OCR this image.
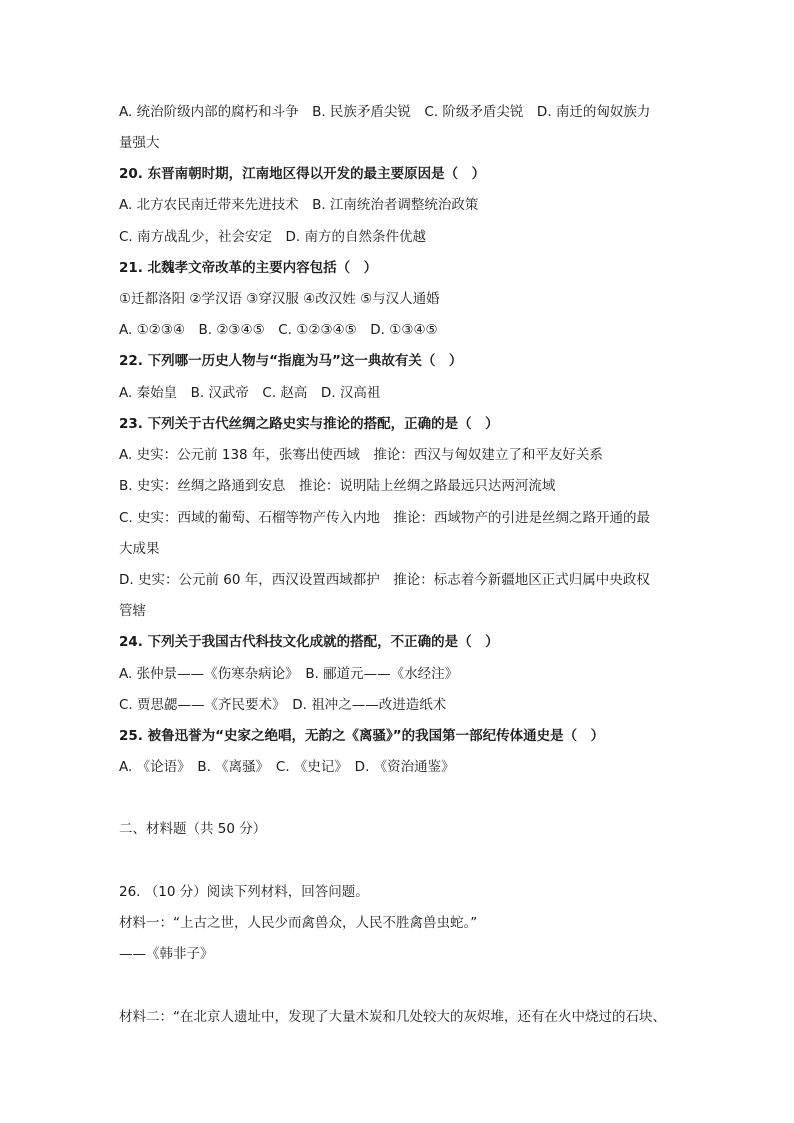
A. 统治阶级内部的腐朽和斗争　B. 民族矛盾尖锐　C. 阶级矛盾尖锐　D. 南迁的匈奴族力
量强大
20. 东晋南朝时期，江南地区得以开发的最主要原因是（　）
A. 北方农民南迁带来先进技术　B. 江南统治者调整统治政策
C. 南方战乱少，社会安定　D. 南方的自然条件优越
21. 北魏孝文帝改革的主要内容包括（　）
①迁都洛阳 ②学汉语 ③穿汉服 ④改汉姓 ⑤与汉人通婚
A. ①②③④　B. ②③④⑤　C. ①②③④⑤　D. ①③④⑤
22. 下列哪一历史人物与“指鹿为马”这一典故有关（　）
A. 秦始皇　B. 汉武帝　C. 赵高　D. 汉高祖
23. 下列关于古代丝绸之路史实与推论的搭配，正确的是（　）
A. 史实：公元前 138 年，张骞出使西域　推论：西汉与匈奴建立了和平友好关系
B. 史实：丝绸之路通到安息　推论：说明陆上丝绸之路最远只达两河流域
C. 史实：西域的葡萄、石榴等物产传入内地　推论：西域物产的引进是丝绸之路开通的最
大成果
D. 史实：公元前 60 年，西汉设置西域都护　推论：标志着今新疆地区正式归属中央政权
管辖
24. 下列关于我国古代科技文化成就的搭配，不正确的是（　）
A. 张仲景——《伤寒杂病论》　B. 郦道元——《水经注》
C. 贾思勰——《齐民要术》　D. 祖冲之——改进造纸术
25. 被鲁迅誉为“史家之绝唱，无韵之《离骚》”的我国第一部纪传体通史是（　）
A. 《论语》　B. 《离骚》　C. 《史记》　D. 《资治通鉴》
二、材料题（共 50 分）
26. （10 分）阅读下列材料，回答问题。
材料一：“上古之世，人民少而禽兽众，人民不胜禽兽虫蛇。”
——《韩非子》
材料二：“在北京人遗址中，发现了大量木炭和几处较大的灰烬堆，还有在火中烧过的石块、
